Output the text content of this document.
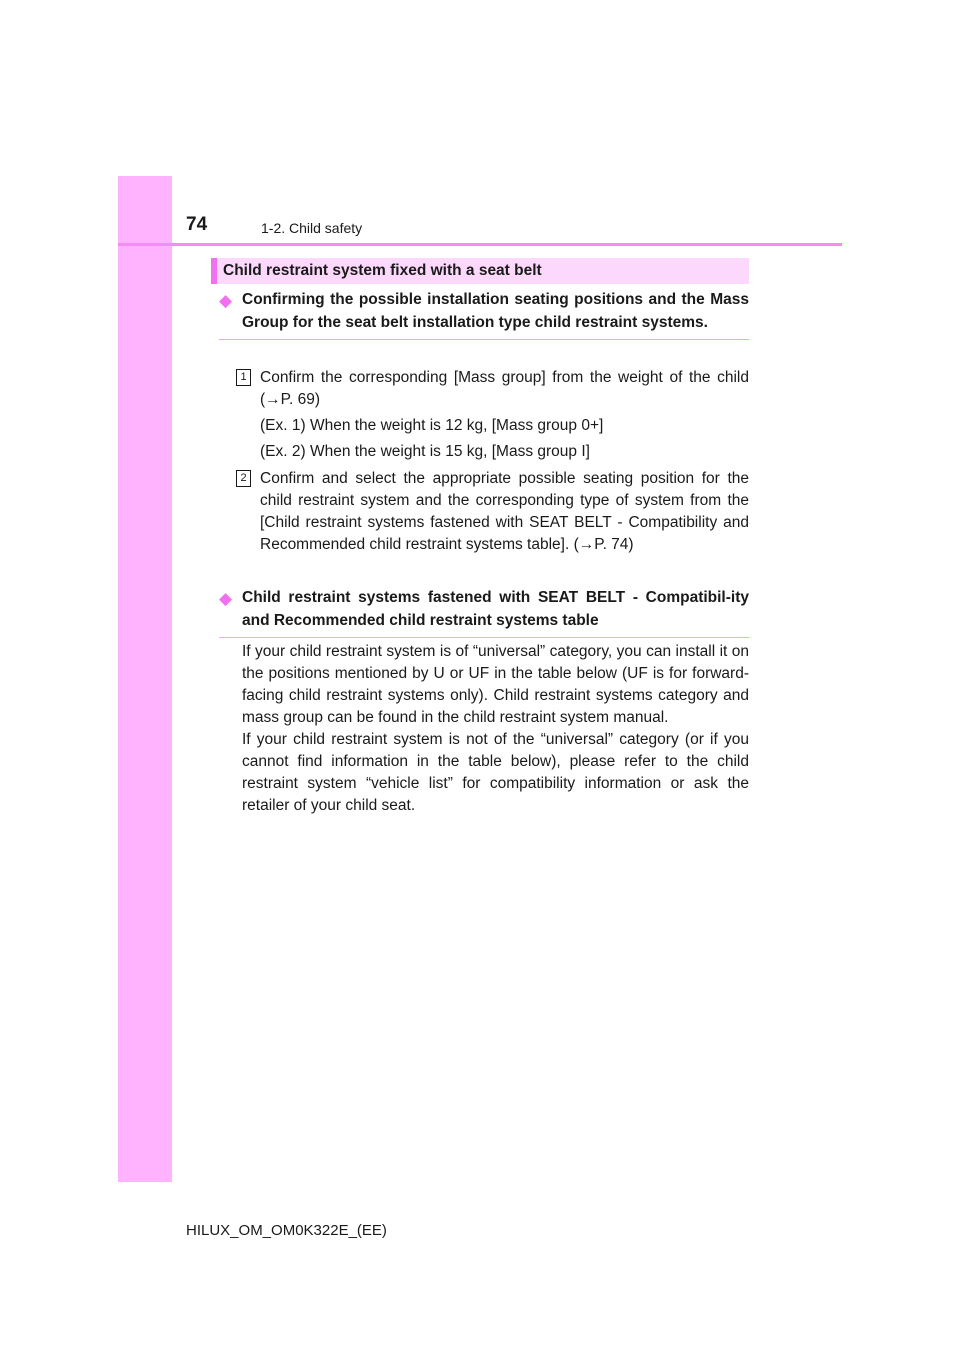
74	1-2. Child safety
Child restraint system fixed with a seat belt
◆ Confirming the possible installation seating positions and the Mass Group for the seat belt installation type child restraint systems.
1 Confirm the corresponding [Mass group] from the weight of the child (→P. 69)
(Ex. 1) When the weight is 12 kg, [Mass group 0+]
(Ex. 2) When the weight is 15 kg, [Mass group I]
2 Confirm and select the appropriate possible seating position for the child restraint system and the corresponding type of system from the [Child restraint systems fastened with SEAT BELT - Compatibility and Recommended child restraint systems table]. (→P. 74)
◆ Child restraint systems fastened with SEAT BELT - Compatibil-ity and Recommended child restraint systems table

If your child restraint system is of “universal” category, you can install it on the positions mentioned by U or UF in the table below (UF is for forward-facing child restraint systems only). Child restraint systems category and mass group can be found in the child restraint system manual.

If your child restraint system is not of the “universal” category (or if you cannot find information in the table below), please refer to the child restraint system “vehicle list” for compatibility information or ask the retailer of your child seat.

HILUX_OM_OM0K322E_(EE)
